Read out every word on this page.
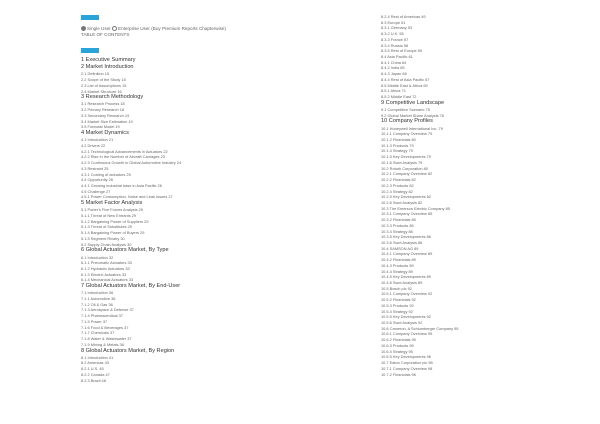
Single User Enterprise User (Buy Premium Reports Chapterwise)
TABLE OF CONTENTS
1 Executive Summary
2 Market Introduction
2.1 Definition 15
2.2 Scope of the Study 15
2.3 List of Assumptions 15
2.4 Market Structure 16
3 Research Methodology
3.1 Research Process 18
3.2 Primary Research 18
3.3 Secondary Research 19
3.4 Market Size Estimation 19
3.5 Forecast Model 19
4 Market Dynamics
4.1 Introduction 21
4.2 Drivers 22
4.2.1 Technological Advancements in Actuators 22
4.2.2 Rise in the Number of Aircraft Carriages 23
4.2.3 Continuous Growth in Global Automotive Industry 24
4.3 Restraint 25
4.3.1 Costing of actuators 25
4.4 Opportunity 26
4.4.1 Growing industrial base in Asia Pacific 26
4.5 Challenge 27
4.5.1 Power Consumption, Noise and Leak Issues 27
5 Market Factor Analysis
5.1 Porter's Five Forces Analysis 29
5.1.1 Threat of New Entrants 29
5.1.2 Bargaining Power of Suppliers 29
5.1.3 Threat of Substitutes 29
5.1.4 Bargaining Power of Buyers 29
5.1.5 Segment Rivalry 30
5.2 Supply Chain Analysis 30
6 Global Actuators Market, By Type
6.1 Introduction 32
6.1.1 Pneumatic Actuators 33
6.1.2 Hydraulic Actuators 33
6.1.3 Electric Actuators 33
6.1.4 Mechanical Actuators 33
7 Global Actuators Market, By End-User
7.1 Introduction 36
7.1.1 Automotive 36
7.1.2 Oil & Gas 36
7.1.3 Aerospace & Defense 37
7.1.4 Pharmaceutical 37
7.1.5 Power 37
7.1.6 Food & Beverages 37
7.1.7 Chemicals 37
7.1.8 Water & Wastewater 37
7.1.9 Mining & Metals 38
8 Global Actuators Market, By Region
8.1 Introduction 41
8.2 Americas 43
8.2.1 U.S. 45
8.2.2 Canada 47
8.2.3 Brazil 48
8.2.4 Rest of Americas 49
8.3 Europe 51
8.3.1 Germany 53
8.3.2 U.K. 55
8.3.3 France 57
8.3.4 Russia 58
8.3.5 Rest of Europe 59
8.4 Asia Pacific 61
8.4.1 China 64
8.4.2 India 65
8.4.3 Japan 66
8.4.4 Rest of Asia Pacific 67
8.5 Middle East & Africa 69
8.5.1 Africa 71
8.5.2 Middle East 72
9 Competitive Landscape
9.1 Competitive Scenario 75
9.2 Global Market Share Analysis 76
10 Company Profiles
10.1 Honeywell International Inc. 79
10.1.1 Company Overview 79
10.1.2 Financials 80
10.1.3 Products 79
10.1.4 Strategy 79
10.1.5 Key Developments 79
10.1.6 Swot Analysis 79
10.2 Rotork Corporation 80
10.2.1 Company Overview 82
10.2.2 Financials 82
10.2.3 Products 82
10.2.4 Strategy 82
10.2.5 Key Developments 82
10.2.6 Swot Analysis 82
10.3 The Emerson Electric Company 85
10.3.1 Company Overview 85
10.3.2 Financials 85
10.3.3 Products 85
10.3.4 Strategy 86
10.3.5 Key Developments 86
10.3.6 Swot Analysis 86
10.4 SAMSON AG 89
10.4.1 Company Overview 89
10.4.2 Financials 89
10.4.3 Products 89
10.4.4 Strategy 89
10.4.5 Key Developments 89
10.4.6 Swot Analysis 89
10.5 Bosch plc 92
10.5.1 Company Overview 92
10.5.2 Financials 92
10.5.3 Products 92
10.5.4 Strategy 92
10.5.5 Key Developments 92
10.5.6 Swot Analysis 92
10.6 Cameron, A Schlumberger Company 95
10.6.1 Company Overview 95
10.6.2 Financials 95
10.6.3 Products 95
10.6.4 Strategy 95
10.6.5 Key Developments 96
10.7 Eaton Corporation plc 98
10.7.1 Company Overview 98
10.7.2 Financials 98
